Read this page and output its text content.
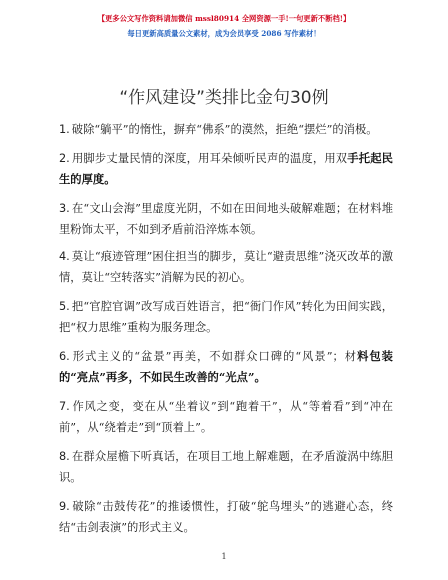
【更多公文写作资料请加微信 mssl80914 全网资源一手!一句更新不断档!】
每日更新高质量公文素材，成为会员享受 2086 写作素材！
“作风建设”类排比金句30例

1. 破除“躺平”的惰性，摒弃“佛系”的漠然，拒绝“摆烂”的消极。

2. 用脚步丈量民情的深度，用耳朵倾听民声的温度，用双手托起民生的厚度。

3. 在“文山会海”里虚度光阴，不如在田间地头破解难题；在材料堆里粉饰太平，不如到矛盾前沿淬炼本领。

4. 莫让“痕迹管理”困住担当的脚步，莫让“避责思维”浇灭改革的激情，莫让“空转落实”消解为民的初心。

5. 把“官腔官调”改写成百姓语言，把“衙门作风”转化为田间实践，把“权力思维”重构为服务理念。

6. 形式主义的“盆景”再美，不如群众口碑的“风景”；材料包装的“亮点”再多，不如民生改善的“光点”。

7. 作风之变，变在从“坐着议”到“跑着干”，从“等着看”到“冲在前”，从“绕着走”到“顶着上”。

8. 在群众屋檐下听真话，在项目工地上解难题，在矛盾漩涡中练胆识。

9. 破除“击鼓传花”的推诿惯性，打破“鸵鸟埋头”的逃避心态，终结“击剑表演”的形式主义。

1
